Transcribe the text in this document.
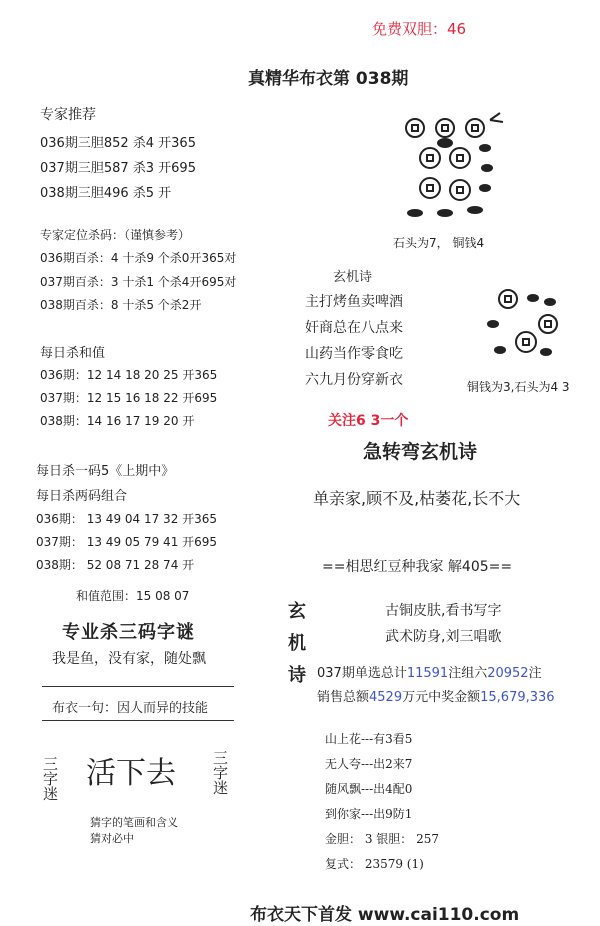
免费双胆：46
真精华布衣第 038期
专家推荐
036期三胆852 杀4 开365
037期三胆587 杀3 开695
038期三胆496 杀5 开
专家定位杀码：（谨慎参考）
036期百杀：4 十杀9 个杀0开365对
037期百杀：3 十杀1 个杀4开695对
038期百杀：8 十杀5 个杀2开
每日杀和值
036期：12 14 18 20 25 开365
037期：12 15 16 18 22 开695
038期：14 16 17 19 20 开
每日杀一码5《上期中》
每日杀两码组合
036期： 13 49 04 17 32 开365
037期： 13 49 05 79 41 开695
038期： 52 08 71 28 74 开
和值范围：15 08 07
专业杀三码字谜
我是鱼，没有家，随处飘
布衣一句：因人而异的技能
三字迷 活下去 三字迷
猜字的笔画和含义
猜对必中
石头为7， 铜钱4
玄机诗
主打烤鱼卖啤酒
奸商总在八点来
山药当作零食吃
六九月份穿新衣	铜钱为3,石头为4 3
关注6 3一个
急转弯玄机诗
单亲家,顾不及,枯萎花,长不大
==相思红豆种我家 解405==
玄
机
诗
古铜皮肤,看书写字
武术防身,刘三唱歌
037期单选总计11591注组六20952注
销售总额4529万元中奖金额15,679,336
山上花---有3看5
无人夸---出2来7
随风飘---出4配0
到你家---出9防1
金胆： 3 银胆： 257
复式： 23579 (1)
布衣天下首发 www.cai110.com
